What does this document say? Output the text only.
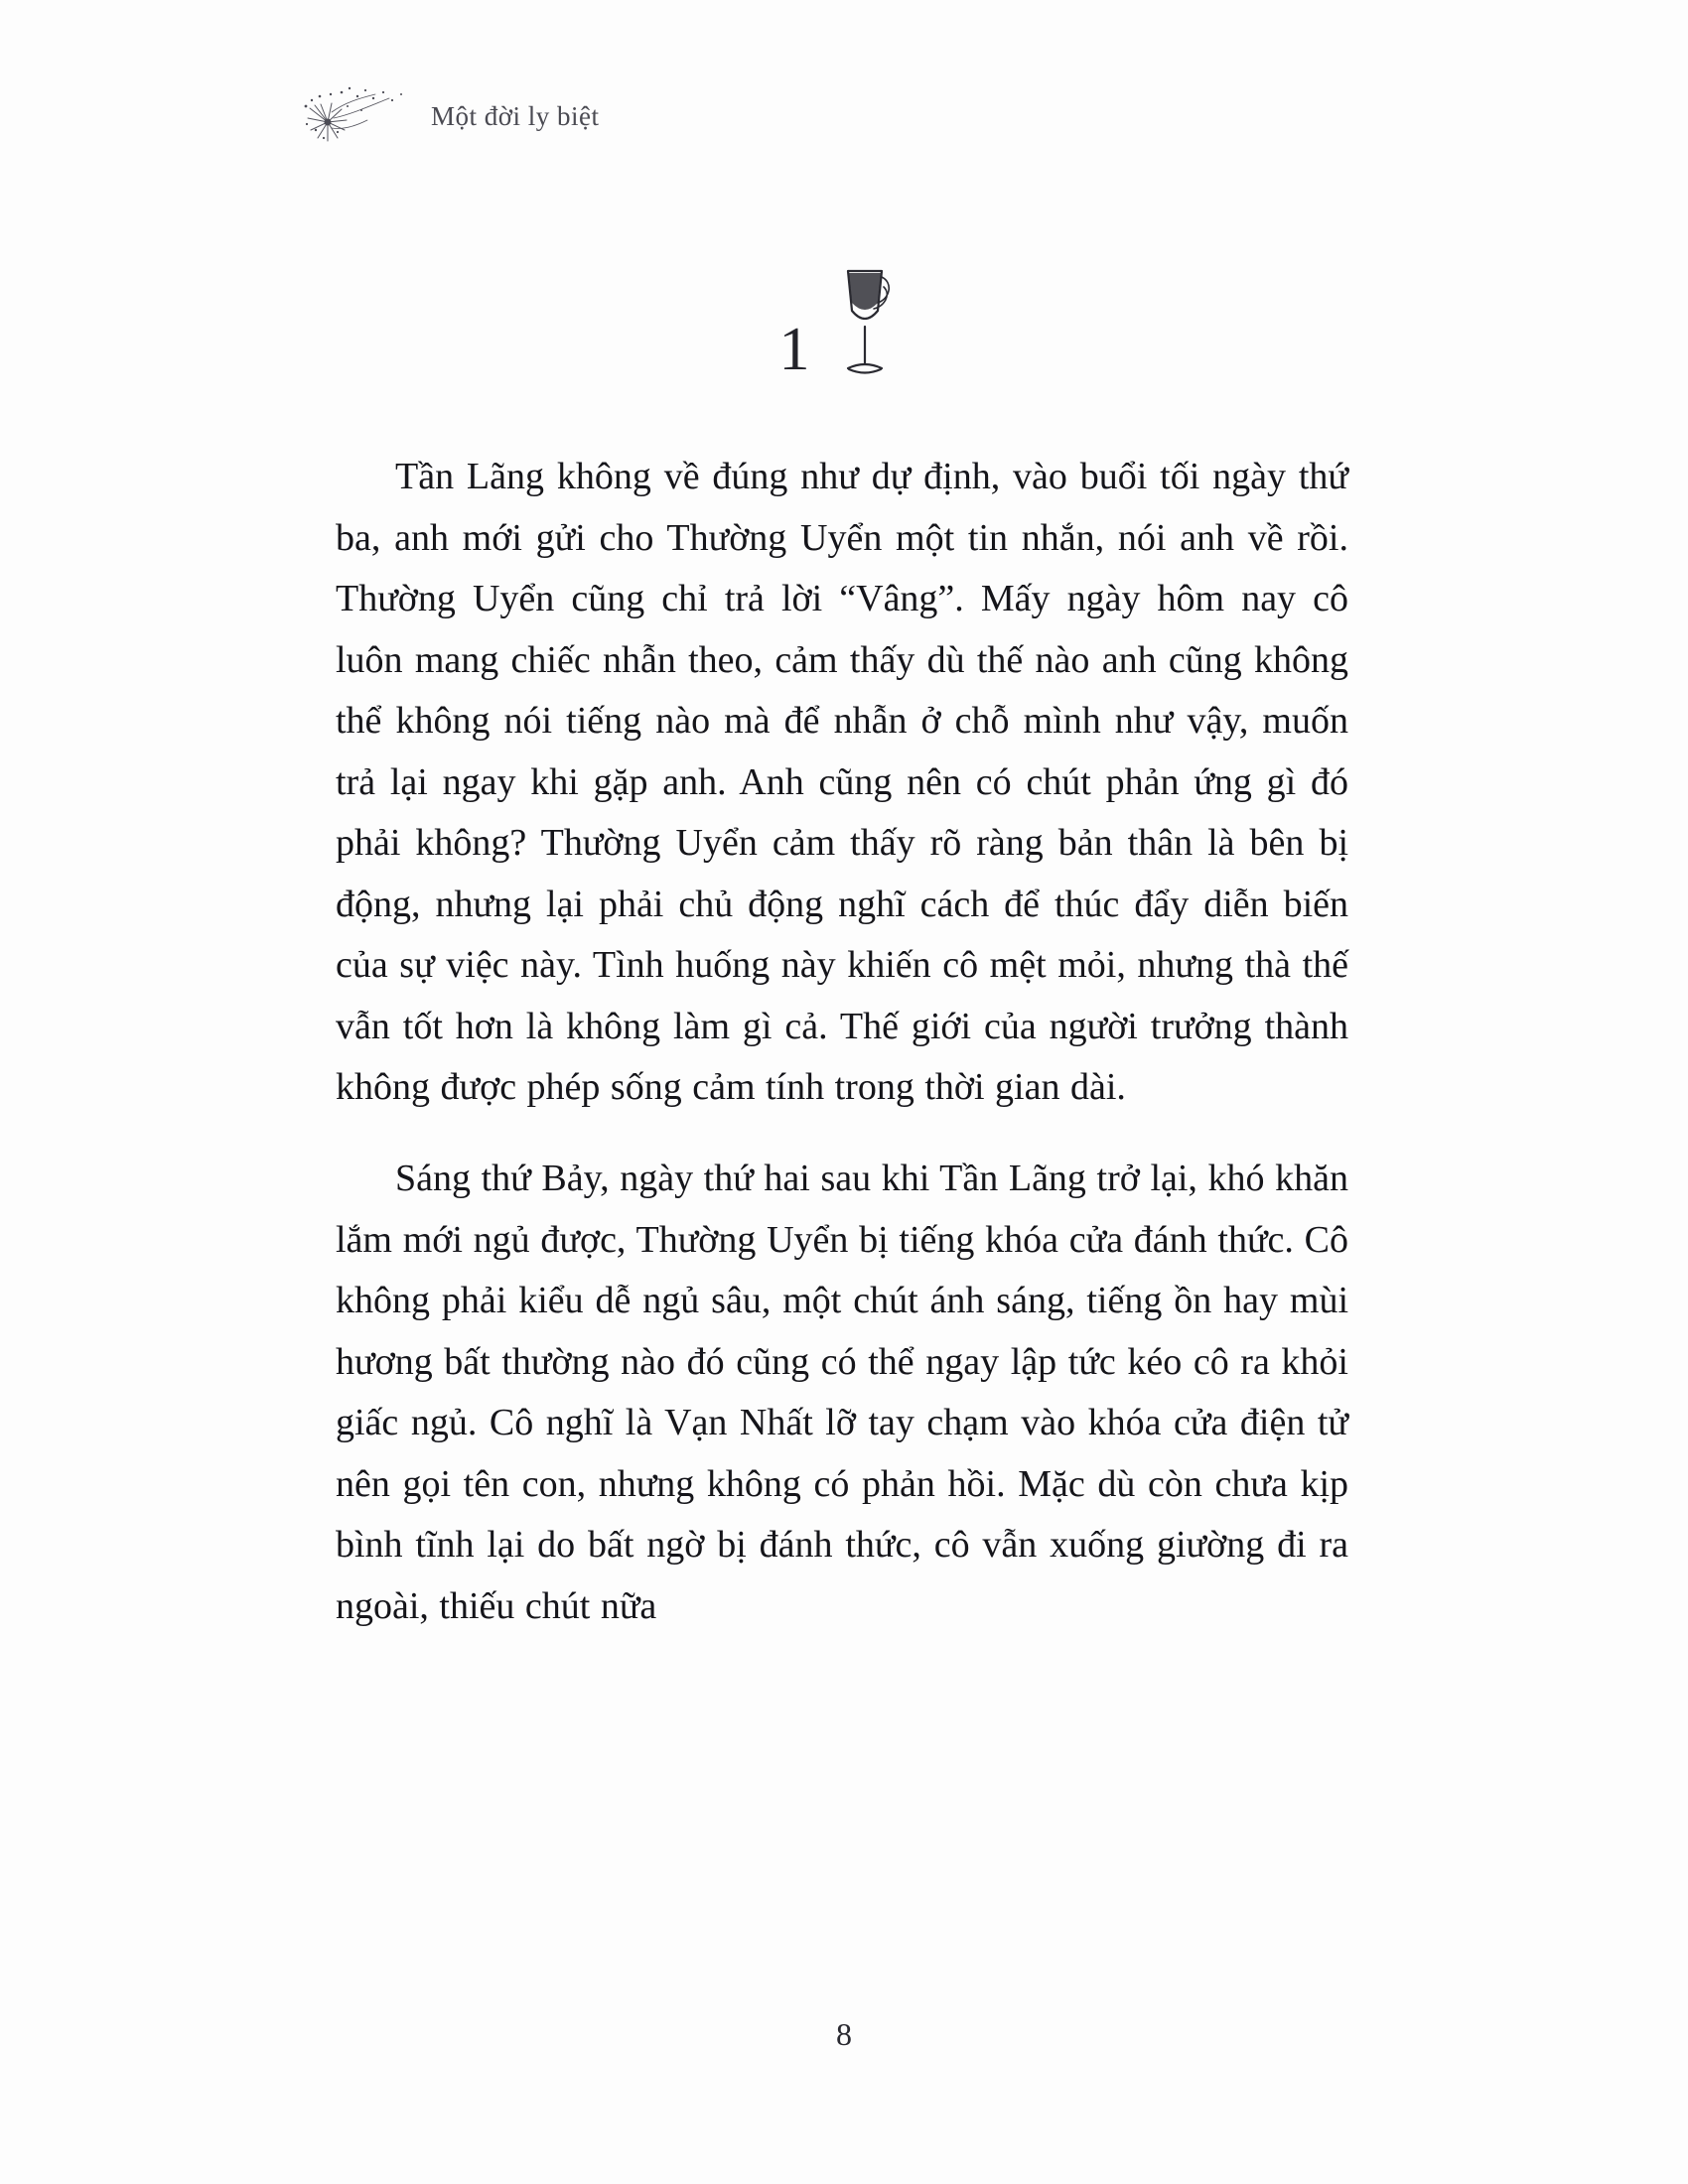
Một đời ly biệt
1

Tần Lãng không về đúng như dự định, vào buổi tối ngày thứ ba, anh mới gửi cho Thường Uyển một tin nhắn, nói anh về rồi. Thường Uyển cũng chỉ trả lời “Vâng”. Mấy ngày hôm nay cô luôn mang chiếc nhẫn theo, cảm thấy dù thế nào anh cũng không thể không nói tiếng nào mà để nhẫn ở chỗ mình như vậy, muốn trả lại ngay khi gặp anh. Anh cũng nên có chút phản ứng gì đó phải không? Thường Uyển cảm thấy rõ ràng bản thân là bên bị động, nhưng lại phải chủ động nghĩ cách để thúc đẩy diễn biến của sự việc này. Tình huống này khiến cô mệt mỏi, nhưng thà thế vẫn tốt hơn là không làm gì cả. Thế giới của người trưởng thành không được phép sống cảm tính trong thời gian dài.

Sáng thứ Bảy, ngày thứ hai sau khi Tần Lãng trở lại, khó khăn lắm mới ngủ được, Thường Uyển bị tiếng khóa cửa đánh thức. Cô không phải kiểu dễ ngủ sâu, một chút ánh sáng, tiếng ồn hay mùi hương bất thường nào đó cũng có thể ngay lập tức kéo cô ra khỏi giấc ngủ. Cô nghĩ là Vạn Nhất lỡ tay chạm vào khóa cửa điện tử nên gọi tên con, nhưng không có phản hồi. Mặc dù còn chưa kịp bình tĩnh lại do bất ngờ bị đánh thức, cô vẫn xuống giường đi ra ngoài, thiếu chút nữa

8
